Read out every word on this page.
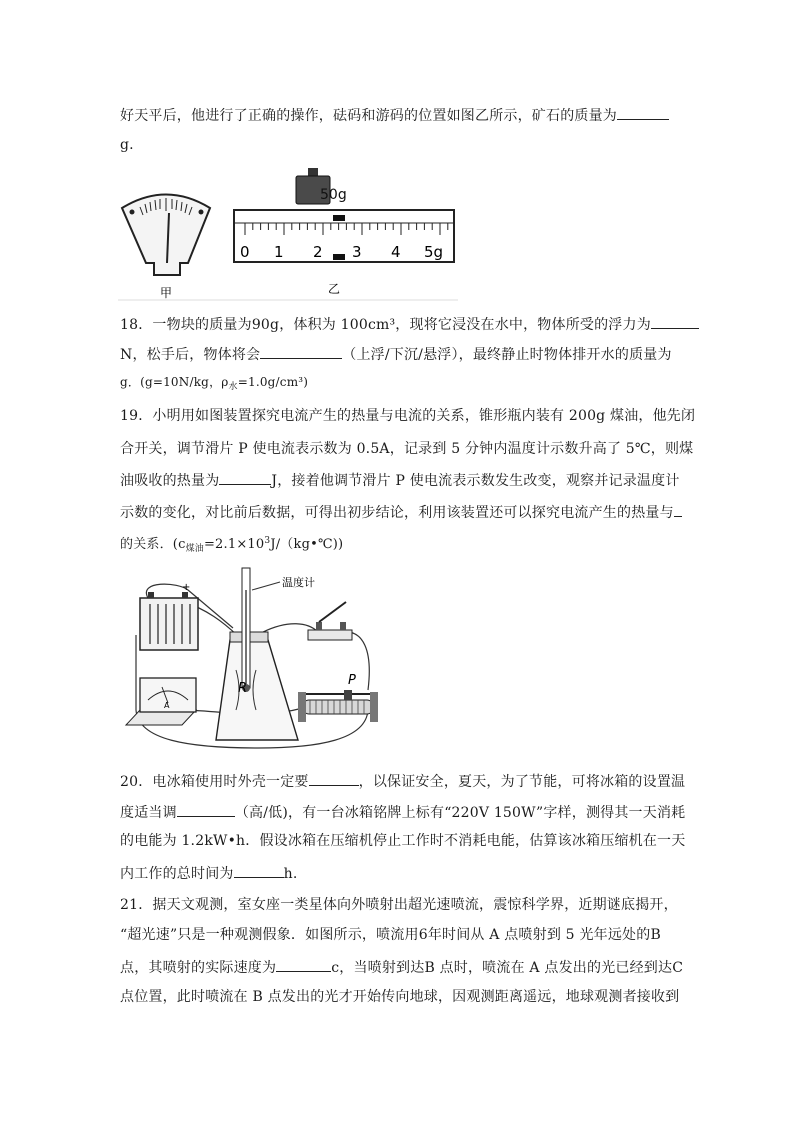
好天平后，他进行了正确的操作，砝码和游码的位置如图乙所示，矿石的质量为
g.
甲
50g
0 1 2 3 4 5g
乙
18．一物块的质量为90g，体积为 100cm³，现将它浸没在水中，物体所受的浮力为
N，松手后，物体将会	（上浮/下沉/悬浮），最终静止时物体排开水的质量为
g．(g=10N/kg，$\rho_水=1.0g/cm^3$)
19．小明用如图装置探究电流产生的热量与电流的关系，锥形瓶内装有 200g 煤油，他先闭
合开关，调节滑片 P 使电流表示数为 0.5A，记录到 5 分钟内温度计示数升高了 5℃，则煤
油吸收的热量为	J，接着他调节滑片 P 使电流表示数发生改变，观察并记录温度计
示数的变化，对比前后数据，可得出初步结论，利用该装置还可以探究电流产生的热量与
的关系．$(c_{煤油}=2.1\times 10^3J/(kg•℃))$
+
A
R
温度计
P
20．电冰箱使用时外壳一定要	，以保证安全，夏天，为了节能，可将冰箱的设置温
度适当调	（高/低)，有一台冰箱铭牌上标有“220V 150W”字样，测得其一天消耗
的电能为 1.2kW•h．假设冰箱在压缩机停止工作时不消耗电能，估算该冰箱压缩机在一天
内工作的总时间为	h.
21．据天文观测，室女座一类星体向外喷射出超光速喷流，震惊科学界，近期谜底揭开，
“超光速”只是一种观测假象．如图所示，喷流用6年时间从 A 点喷射到 5 光年远处的B
点，其喷射的实际速度为	c，当喷射到达B 点时，喷流在 A 点发出的光已经到达C
点位置，此时喷流在 B 点发出的光才开始传向地球，因观测距离遥远，地球观测者接收到
